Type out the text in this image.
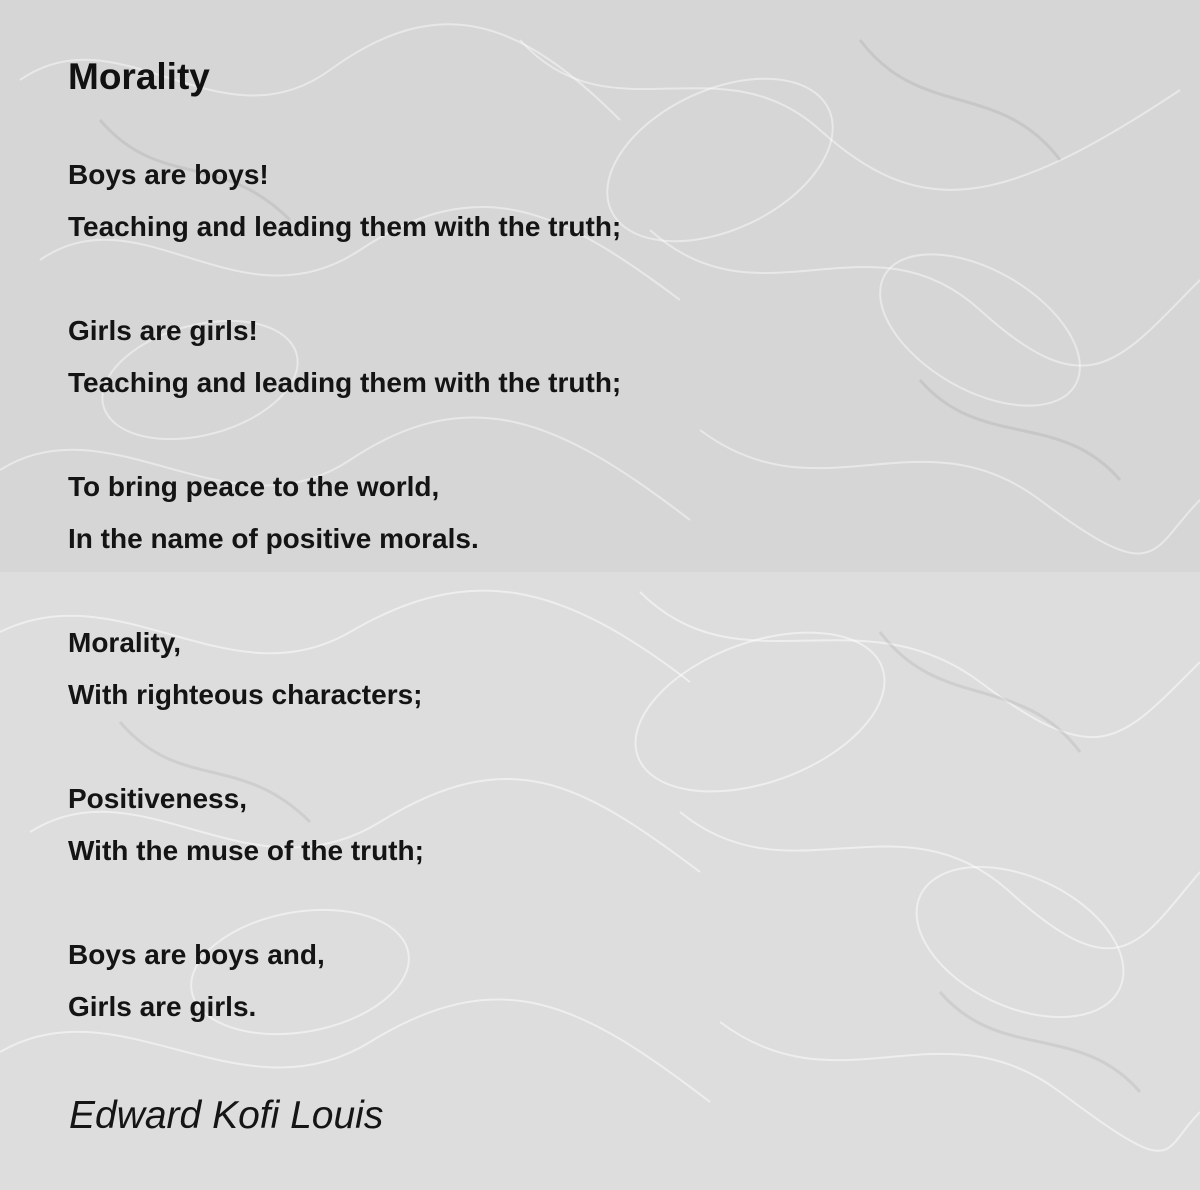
Morality

Boys are boys!

Teaching and leading them with the truth;

Girls are girls!

Teaching and leading them with the truth;

To bring peace to the world,

In the name of positive morals.

Morality,

With righteous characters;

Positiveness,

With the muse of the truth;

Boys are boys and,

Girls are girls.

Edward Kofi Louis
